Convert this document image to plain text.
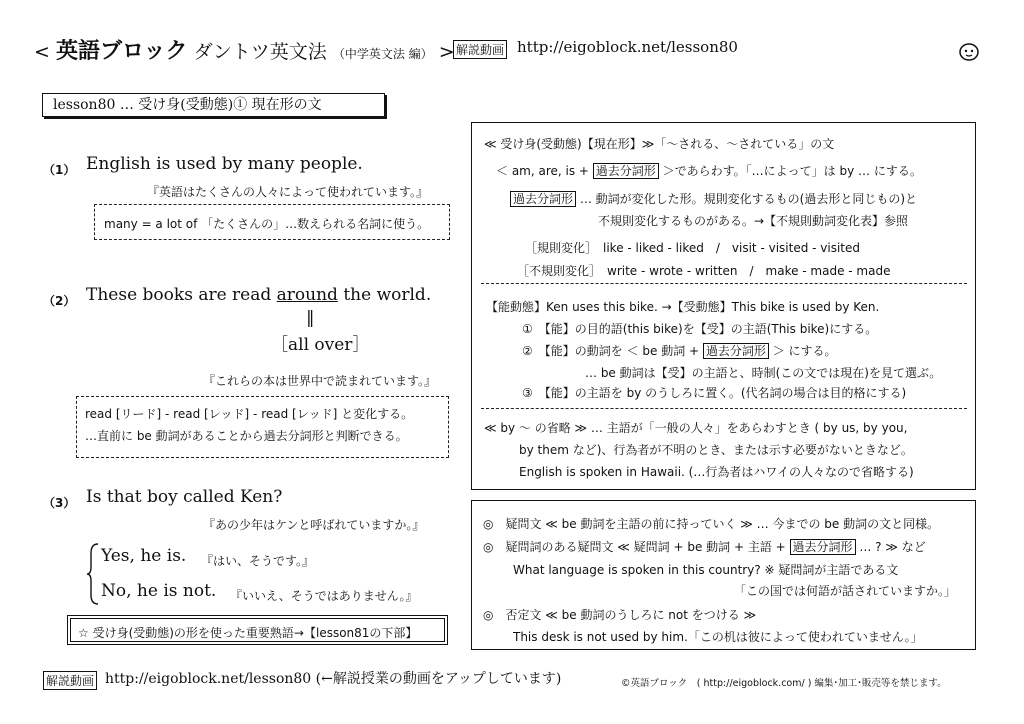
< 英語ブロック ダントツ英文法 （中学英文法 編） > 解説動画 http://eigoblock.net/lesson80
lesson80 … 受け身(受動態)① 現在形の文
（1） English is used by many people.
『英語はたくさんの人々によって使われています。』
many = a lot of 「たくさんの」…数えられる名詞に使う。
（2） These books are read around the world.
‖
［all over］
『これらの本は世界中で読まれています。』
read [リード] - read [レッド] - read [レッド] と変化する。
…直前に be 動詞があることから過去分詞形と判断できる。
（3） Is that boy called Ken?
『あの少年はケンと呼ばれていますか。』
Yes, he is. 『はい、そうです。』
No, he is not. 『いいえ、そうではありません。』
☆ 受け身(受動態)の形を使った重要熟語→【lesson81の下部】
≪ 受け身(受動態)【現在形】≫「～される、～されている」の文
＜ am, are, is + 過去分詞形 ＞であらわす。「…によって」は by … にする。
過去分詞形 … 動詞が変化した形。規則変化するもの(過去形と同じもの)と
不規則変化するものがある。→【不規則動詞変化表】参照
［規則変化］　like - liked - liked　/　visit - visited - visited
［不規則変化］　write - wrote - written　/　make - made - made
【能動態】Ken uses this bike. →【受動態】This bike is used by Ken.
①　【能】の目的語(this bike)を【受】の主語(This bike)にする。
②　【能】の動詞を ＜ be 動詞 + 過去分詞形 ＞ にする。
… be 動詞は【受】の主語と、時制(この文では現在)を見て選ぶ。
③　【能】の主語を by のうしろに置く。(代名詞の場合は目的格にする)
≪ by ～ の省略 ≫ … 主語が「一般の人々」をあらわすとき ( by us, by you,
by them など)、行為者が不明のとき、または示す必要がないときなど。
English is spoken in Hawaii. (…行為者はハワイの人々なので省略する)
◎　疑問文 ≪ be 動詞を主語の前に持っていく ≫ … 今までの be 動詞の文と同様。
◎　疑問詞のある疑問文 ≪ 疑問詞 + be 動詞 + 主語 + 過去分詞形 … ? ≫ など
What language is spoken in this country? ※ 疑問詞が主語である文
「この国では何語が話されていますか。」
◎　否定文 ≪ be 動詞のうしろに not をつける ≫
This desk is not used by him.「この机は彼によって使われていません。」
解説動画 http://eigoblock.net/lesson80 (←解説授業の動画をアップしています)	©英語ブロック　( http://eigoblock.com/ ) 編集･加工･販売等を禁じます。
